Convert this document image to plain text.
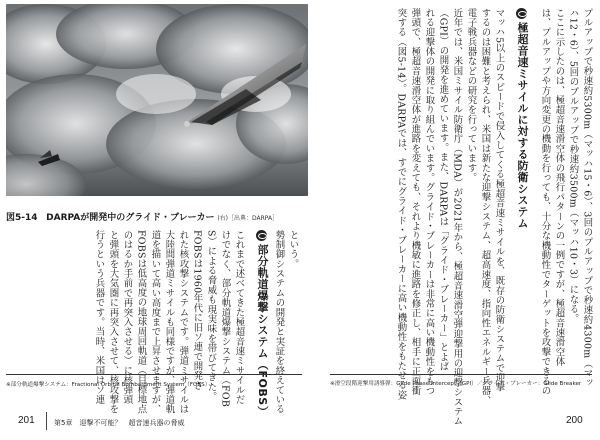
図5-14 DARPAが開発中のグライド・ブレーカー (右)［出典：DARPA］
という。
勢制御システムの開発と実証を終えている
部分軌道爆撃システム（FOBS）
これまで述べてきた極超音速ミサイルだ
けでなく、部分軌道爆撃システム（FOB
S）による脅威も現実味を帯びてきた。
FOBSは1960年代に旧ソ連で開発さ
れた核攻撃システムです。弾道ミサイルは
大陸間弾道ミサイルも同様ですが、弾道軌
道を描いて高い高度まで上昇させますが、
FOBSは低高度の地球周回軌道（目標地点
のはるか手前で再突入させる）に核弾頭
と弾頭を大気圏に再突入させて、核攻撃を
行うという兵器です。当時、米国はソ連
※部分軌道爆撃システム：Fractional Orbital Bombardment System（FOBS）
201	第5章　迎撃不可能？　超音速兵器の脅威
プルアップで秒速約5300m（マッハ15・6）、3回のプルアップで秒速約4300m（マッ
ハ12・6）、5回のプルアップで秒速約3500m（マッハ10・3）になる。
ここに示したのは、極超音速滑空体の飛行パターンの一例ですが、極超音速滑空体
は、プルアップや方向変更の機動を行っても、十分な機動性でターゲットを攻撃できるの
極超音速ミサイルに対する防衛システム
マッハ5以上のスピードで侵入してくる極超音速ミサイルを、既存の防衛システムで迎撃
するのは困難と考えられ、米国は新たな迎撃システム、超高速度、指向性エネルギー兵器、
電子戦兵器などの研究を行っています。
近年では、米国ミサイル防衛庁（MDA）が2021年から、極超音速滑空弾迎撃用の迎撃システム
（GPI）の開発を進めています。また、DARPAは「グライド・ブレーカー」とよば
れる迎撃体の開発に取り組んでいます。グライド・ブレーカーは非常に高い機動性をもつ
弾頭で、極超音速滑空体が進路を変えても、それより機敏に進路を修正し、相手に正面衝
突する（図5-14）。DARPAでは、すでにグライド・ブレーカーに高い機動性をもたせる姿
※滑空段階迎撃用誘導弾：Glide Phase Intercept（GPI）／グライド・ブレーカー：Glide Breaker
200
